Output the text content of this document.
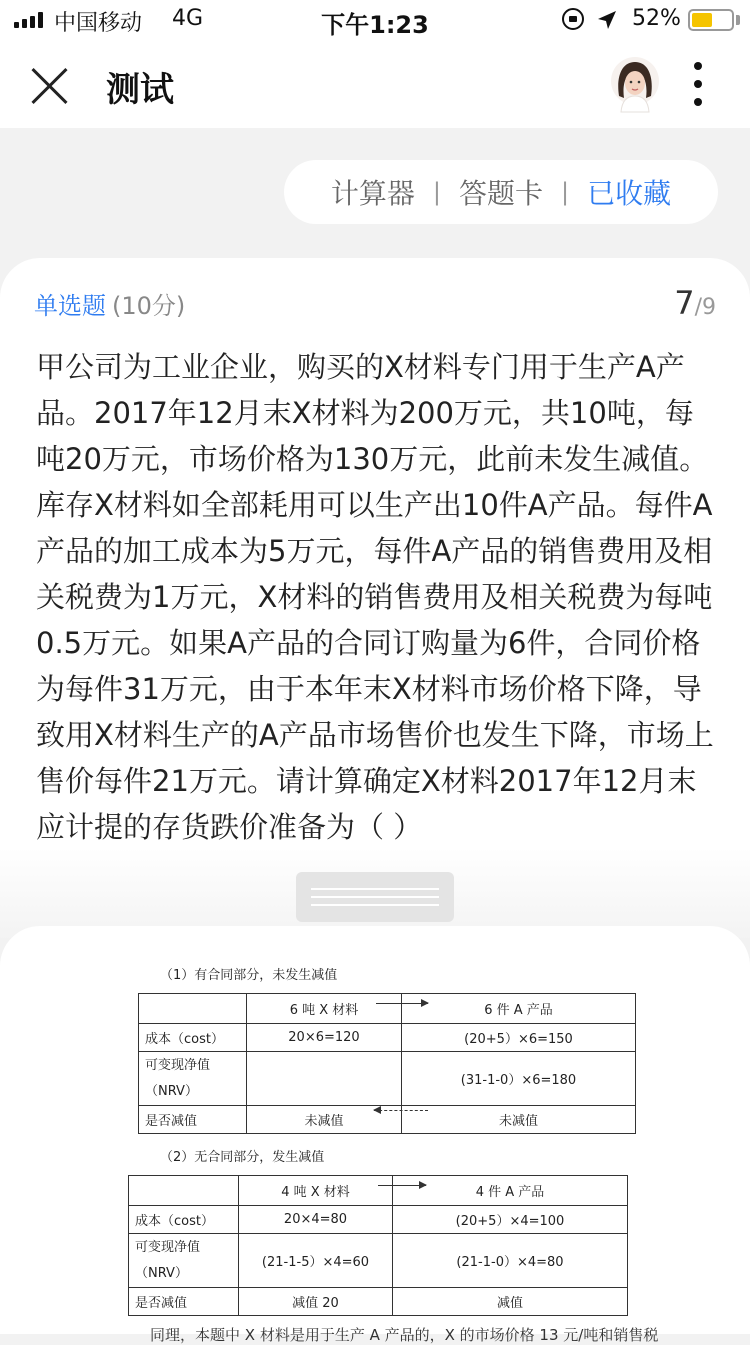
中国移动 4G	下午1:23	52%
测试
计算器 | 答题卡 | 已收藏
单选题 (10分)	7/9
甲公司为工业企业，购买的X材料专门用于生产A产品。2017年12月末X材料为200万元，共10吨，每吨20万元，市场价格为130万元，此前未发生减值。库存X材料如全部耗用可以生产出10件A产品。每件A产品的加工成本为5万元，每件A产品的销售费用及相关税费为1万元，X材料的销售费用及相关税费为每吨0.5万元。如果A产品的合同订购量为6件，合同价格为每件31万元，由于本年末X材料市场价格下降，导致用X材料生产的A产品市场售价也发生下降，市场上售价每件21万元。请计算确定X材料2017年12月末应计提的存货跌价准备为（ ）
（1）有合同部分，未发生减值
	6 吨 X 材料	6 件 A 产品
成本（cost）	20×6=120	(20+5）×6=150
可变现净值（NRV）		(31-1-0）×6=180
是否减值	未减值	未减值
（2）无合同部分，发生减值
	4 吨 X 材料	4 件 A 产品
成本（cost）	20×4=80	(20+5）×4=100
可变现净值（NRV）	(21-1-5）×4=60	(21-1-0）×4=80
是否减值	减值 20	减值
同理，本题中 X 材料是用于生产 A 产品的，X 的市场价格 13 元/吨和销售税
